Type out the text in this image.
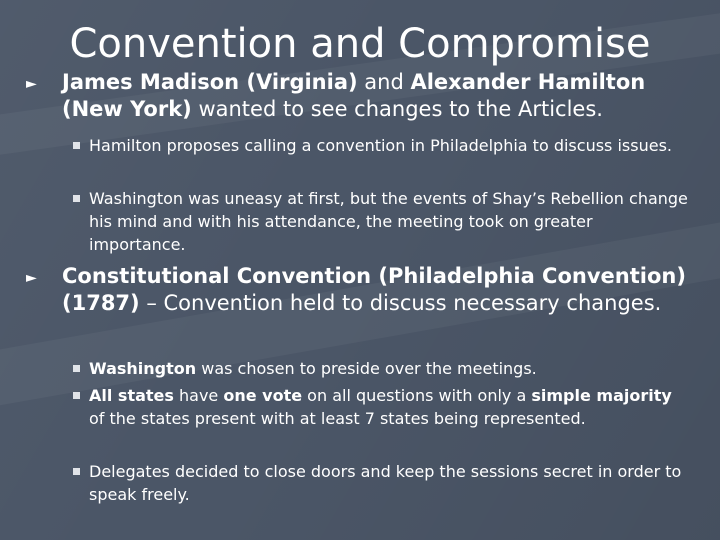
Convention and Compromise
► James Madison (Virginia) and Alexander Hamilton (New York) wanted to see changes to the Articles.
Hamilton proposes calling a convention in Philadelphia to discuss issues.
Washington was uneasy at first, but the events of Shay’s Rebellion change his mind and with his attendance, the meeting took on greater importance.
► Constitutional Convention (Philadelphia Convention) (1787) – Convention held to discuss necessary changes.
Washington was chosen to preside over the meetings.
All states have one vote on all questions with only a simple majority of the states present with at least 7 states being represented.
Delegates decided to close doors and keep the sessions secret in order to speak freely.
